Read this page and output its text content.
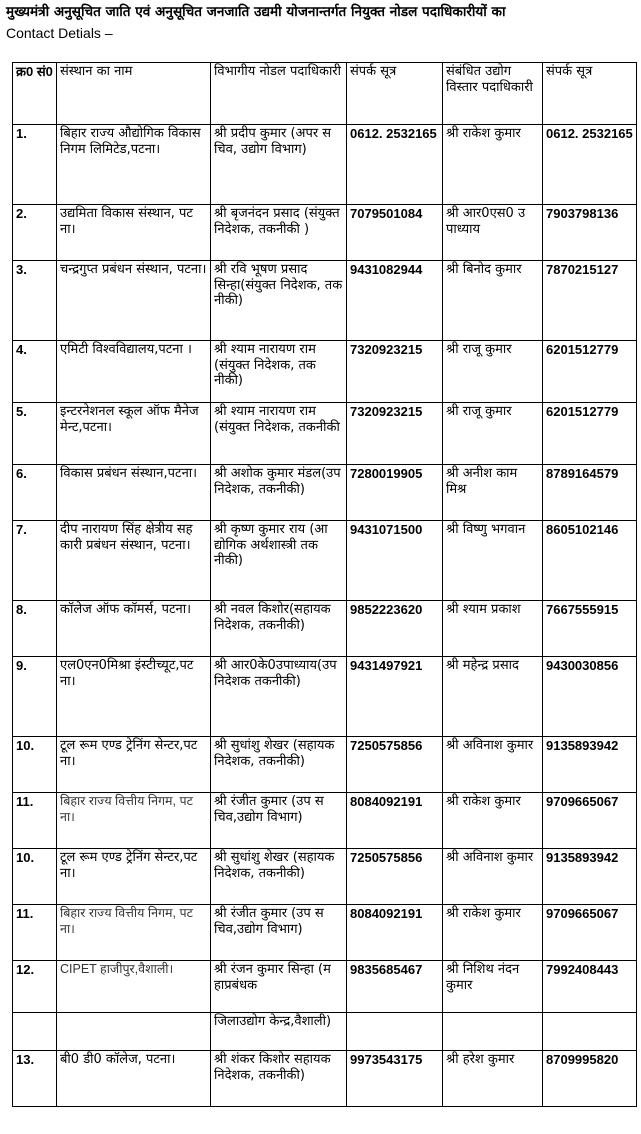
मुख्यमंत्री अनुसूचित जाति एवं अनुसूचित जनजाति उद्यमी योजनान्तर्गत नियुक्त नोडल पदाधिकारीयों का
Contact Detials –
क्र0 सं0	संस्थान का नाम	विभागीय नोडल पदाधिकारी	संपर्क सूत्र	संबंधित उद्योग विस्तार पदाधिकारी	संपर्क सूत्र
1.	बिहार राज्य औद्योगिक विकास निगम लिमिटेड,पटना।	श्री प्रदीप कुमार (अपर सचिव, उद्योग विभाग)	0612. 2532165	श्री राकेश कुमार	0612. 2532165
2.	उद्यमिता विकास संस्थान, पटना।	श्री बृजनंदन प्रसाद (संयुक्त निदेशक, तकनीकी )	7079501084	श्री आर0एस0 उपाध्याय	7903798136
3.	चन्द्रगुप्त प्रबंधन संस्थान, पटना।	श्री रवि भूषण प्रसाद सिन्हा(संयुक्त निदेशक, तकनीकी)	9431082944	श्री बिनोद कुमार	7870215127
4.	एमिटी विश्वविद्यालय,पटना ।	श्री श्याम नारायण राम(संयुक्त निदेशक, तकनीकी)	7320923215	श्री राजू कुमार	6201512779
5.	इन्टरनेशनल स्कूल ऑफ मैनेजमेन्ट,पटना।	श्री श्याम नारायण राम(संयुक्त निदेशक, तकनीकी	7320923215	श्री राजू कुमार	6201512779
6.	विकास प्रबंधन संस्थान,पटना।	श्री अशोक कुमार मंडल(उप निदेशक, तकनीकी)	7280019905	श्री अनीश काम मिश्र	8789164579
7.	दीप नारायण सिंह क्षेत्रीय सहकारी प्रबंधन संस्थान, पटना।	श्री कृष्ण कुमार राय (आद्योगिक अर्थशास्त्री तकनीकी)	9431071500	श्री विष्णु भगवान	8605102146
8.	कॉलेज ऑफ कॉमर्स, पटना।	श्री नवल किशोर(सहायक निदेशक, तकनीकी)	9852223620	श्री श्याम प्रकाश	7667555915
9.	एल0एन0मिश्रा इंस्टीच्यूट,पटना।	श्री आर0के0उपाध्याय(उप निदेशक तकनीकी)	9431497921	श्री महेन्द्र प्रसाद	9430030856
10.	टूल रूम एण्ड ट्रेनिंग सेन्टर,पटना।	श्री सुधांशु शेखर (सहायक निदेशक, तकनीकी)	7250575856	श्री अविनाश कुमार	9135893942
11.	बिहार राज्य वित्तीय निगम, पटना।	श्री रंजीत कुमार (उप सचिव,उद्योग विभाग)	8084092191	श्री राकेश कुमार	9709665067
10.	टूल रूम एण्ड ट्रेनिंग सेन्टर,पटना।	श्री सुधांशु शेखर (सहायक निदेशक, तकनीकी)	7250575856	श्री अविनाश कुमार	9135893942
11.	बिहार राज्य वित्तीय निगम, पटना।	श्री रंजीत कुमार (उप सचिव,उद्योग विभाग)	8084092191	श्री राकेश कुमार	9709665067
12.	CIPET हाजीपुर,वैशाली।	श्री रंजन कुमार सिन्हा (महाप्रबंधक	9835685467	श्री निशिथ नंदन कुमार	7992408443
		जिलाउद्योग केन्द्र,वैशाली)			
13.	बी0 डी0 कॉलेज, पटना।	श्री शंकर किशोर सहायक निदेशक, तकनीकी)	9973543175	श्री हरेश कुमार	8709995820
